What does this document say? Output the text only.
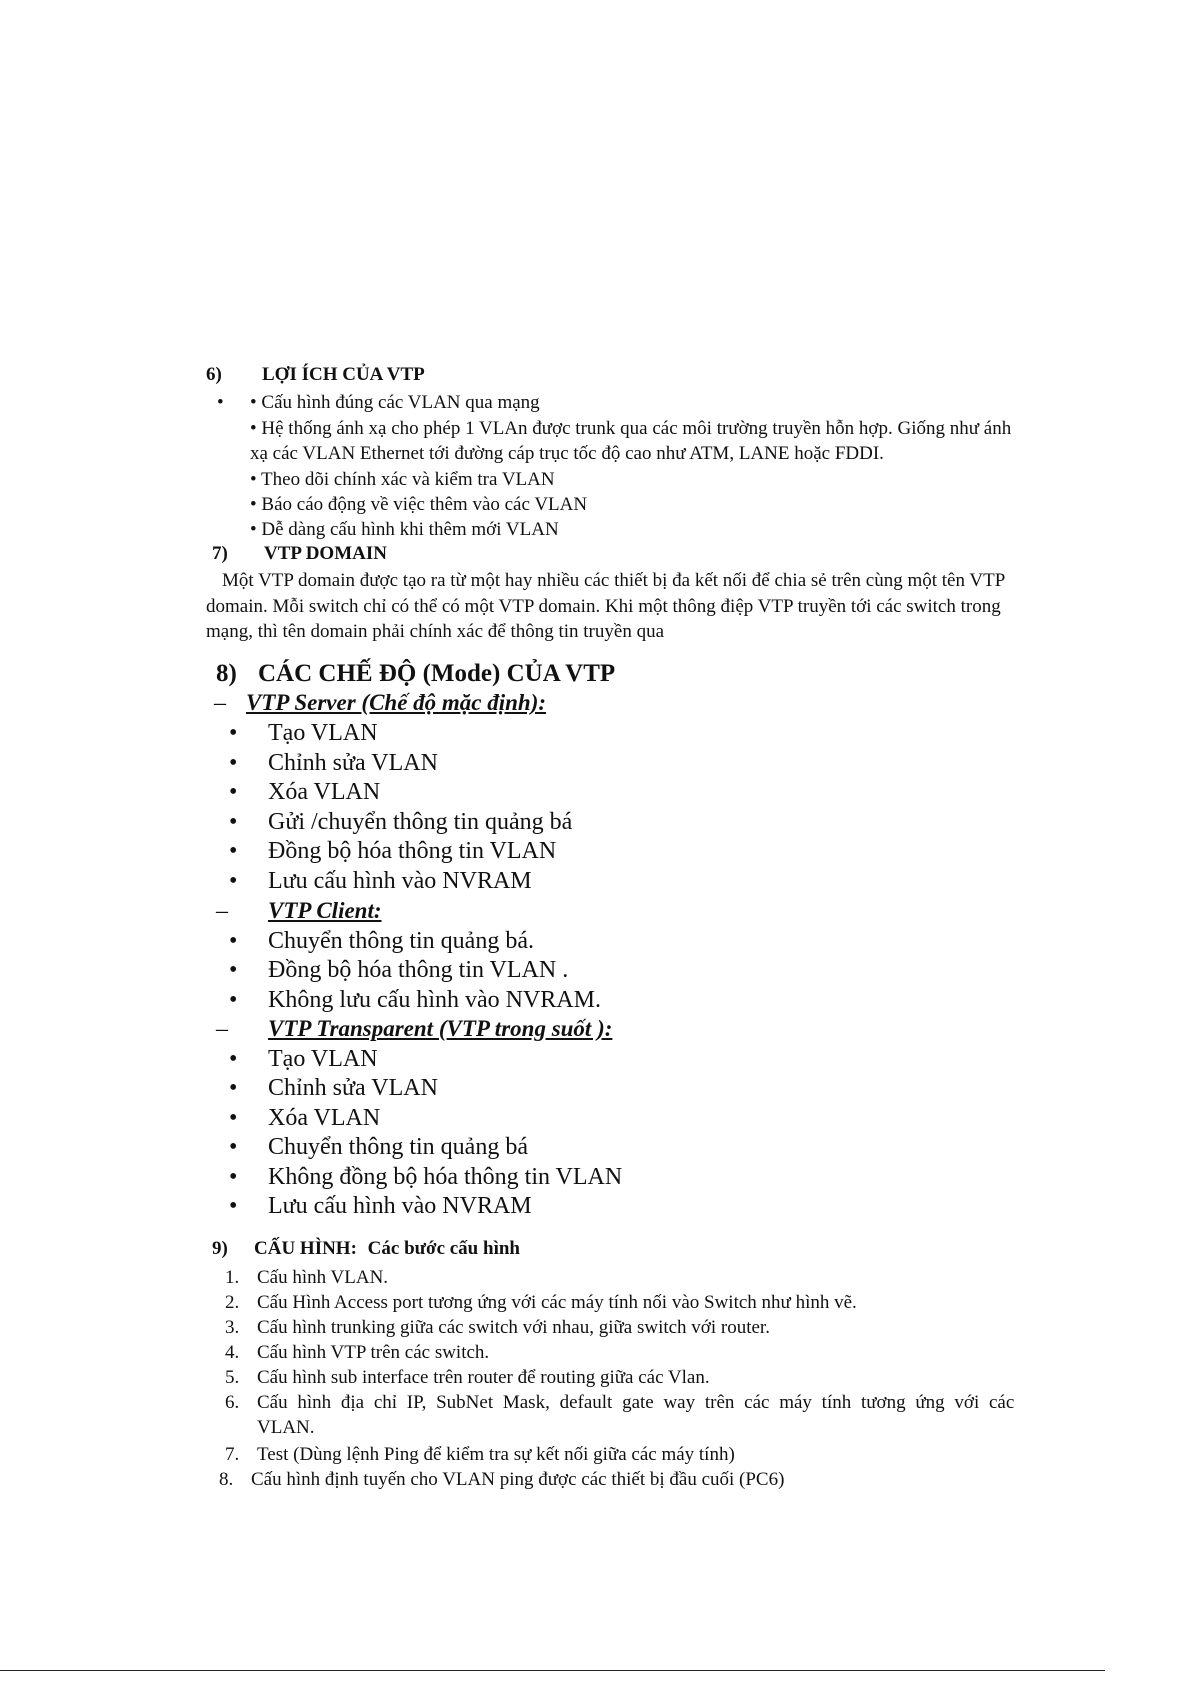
6) LỢI ÍCH CỦA VTP
• • Cấu hình đúng các VLAN qua mạng
• Hệ thống ánh xạ cho phép 1 VLAn được trunk qua các môi trường truyền hỗn hợp. Giống như ánh
xạ các VLAN Ethernet tới đường cáp trục tốc độ cao như ATM, LANE hoặc FDDI.
• Theo dõi chính xác và kiểm tra VLAN
• Báo cáo động về việc thêm vào các VLAN
• Dễ dàng cấu hình khi thêm mới VLAN
7) VTP DOMAIN
Một VTP domain được tạo ra từ một hay nhiều các thiết bị đa kết nối để chia sẻ trên cùng một tên VTP
domain. Mỗi switch chỉ có thể có một VTP domain. Khi một thông điệp VTP truyền tới các switch trong
mạng, thì tên domain phải chính xác để thông tin truyền qua
8) CÁC CHẾ ĐỘ (Mode) CỦA VTP
– VTP Server (Chế độ mặc định):
• Tạo VLAN
• Chỉnh sửa VLAN
• Xóa VLAN
• Gửi /chuyển thông tin quảng bá
• Đồng bộ hóa thông tin VLAN
• Lưu cấu hình vào NVRAM
– VTP Client:
• Chuyển thông tin quảng bá.
• Đồng bộ hóa thông tin VLAN .
• Không lưu cấu hình vào NVRAM.
– VTP Transparent (VTP trong suốt ):
• Tạo VLAN
• Chỉnh sửa VLAN
• Xóa VLAN
• Chuyển thông tin quảng bá
• Không đồng bộ hóa thông tin VLAN
• Lưu cấu hình vào NVRAM
9) CẤU HÌNH: Các bước cấu hình
1. Cấu hình VLAN.
2. Cấu Hình Access port tương ứng với các máy tính nối vào Switch như hình vẽ.
3. Cấu hình trunking giữa các switch với nhau, giữa switch với router.
4. Cấu hình VTP trên các switch.
5. Cấu hình sub interface trên router để routing giữa các Vlan.
6. Cấu hình địa chỉ IP, SubNet Mask, default gate way trên các máy tính tương ứng với các
VLAN.
7. Test (Dùng lệnh Ping để kiểm tra sự kết nối giữa các máy tính)
8. Cấu hình định tuyến cho VLAN ping được các thiết bị đầu cuối (PC6)
